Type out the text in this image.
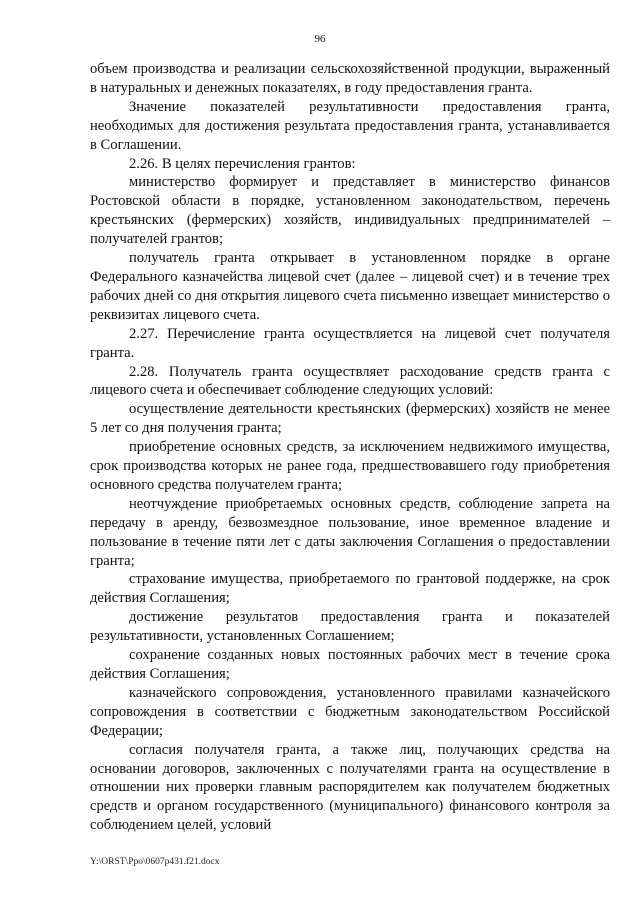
96

объем производства и реализации сельскохозяйственной продукции, выраженный в натуральных и денежных показателях, в году предоставления гранта.

Значение показателей результативности предоставления гранта, необходимых для достижения результата предоставления гранта, устанавливается в Соглашении.

2.26. В целях перечисления грантов:

министерство формирует и представляет в министерство финансов Ростовской области в порядке, установленном законодательством, перечень крестьянских (фермерских) хозяйств, индивидуальных предпринимателей – получателей грантов;

получатель гранта открывает в установленном порядке в органе Федерального казначейства лицевой счет (далее – лицевой счет) и в течение трех рабочих дней со дня открытия лицевого счета письменно извещает министерство о реквизитах лицевого счета.

2.27. Перечисление гранта осуществляется на лицевой счет получателя гранта.

2.28. Получатель гранта осуществляет расходование средств гранта с лицевого счета и обеспечивает соблюдение следующих условий:

осуществление деятельности крестьянских (фермерских) хозяйств не менее 5 лет со дня получения гранта;

приобретение основных средств, за исключением недвижимого имущества, срок производства которых не ранее года, предшествовавшего году приобретения основного средства получателем гранта;

неотчуждение приобретаемых основных средств, соблюдение запрета на передачу в аренду, безвозмездное пользование, иное временное владение и пользование в течение пяти лет с даты заключения Соглашения о предоставлении гранта;

страхование имущества, приобретаемого по грантовой поддержке, на срок действия Соглашения;

достижение результатов предоставления гранта и показателей результативности, установленных Соглашением;

сохранение созданных новых постоянных рабочих мест в течение срока действия Соглашения;

казначейского сопровождения, установленного правилами казначейского сопровождения в соответствии с бюджетным законодательством Российской Федерации;

согласия получателя гранта, а также лиц, получающих средства на основании договоров, заключенных с получателями гранта на осуществление в отношении них проверки главным распорядителем как получателем бюджетных средств и органом государственного (муниципального) финансового контроля за соблюдением целей, условий

Y:\ORST\Ppo\0607p431.f21.docx
